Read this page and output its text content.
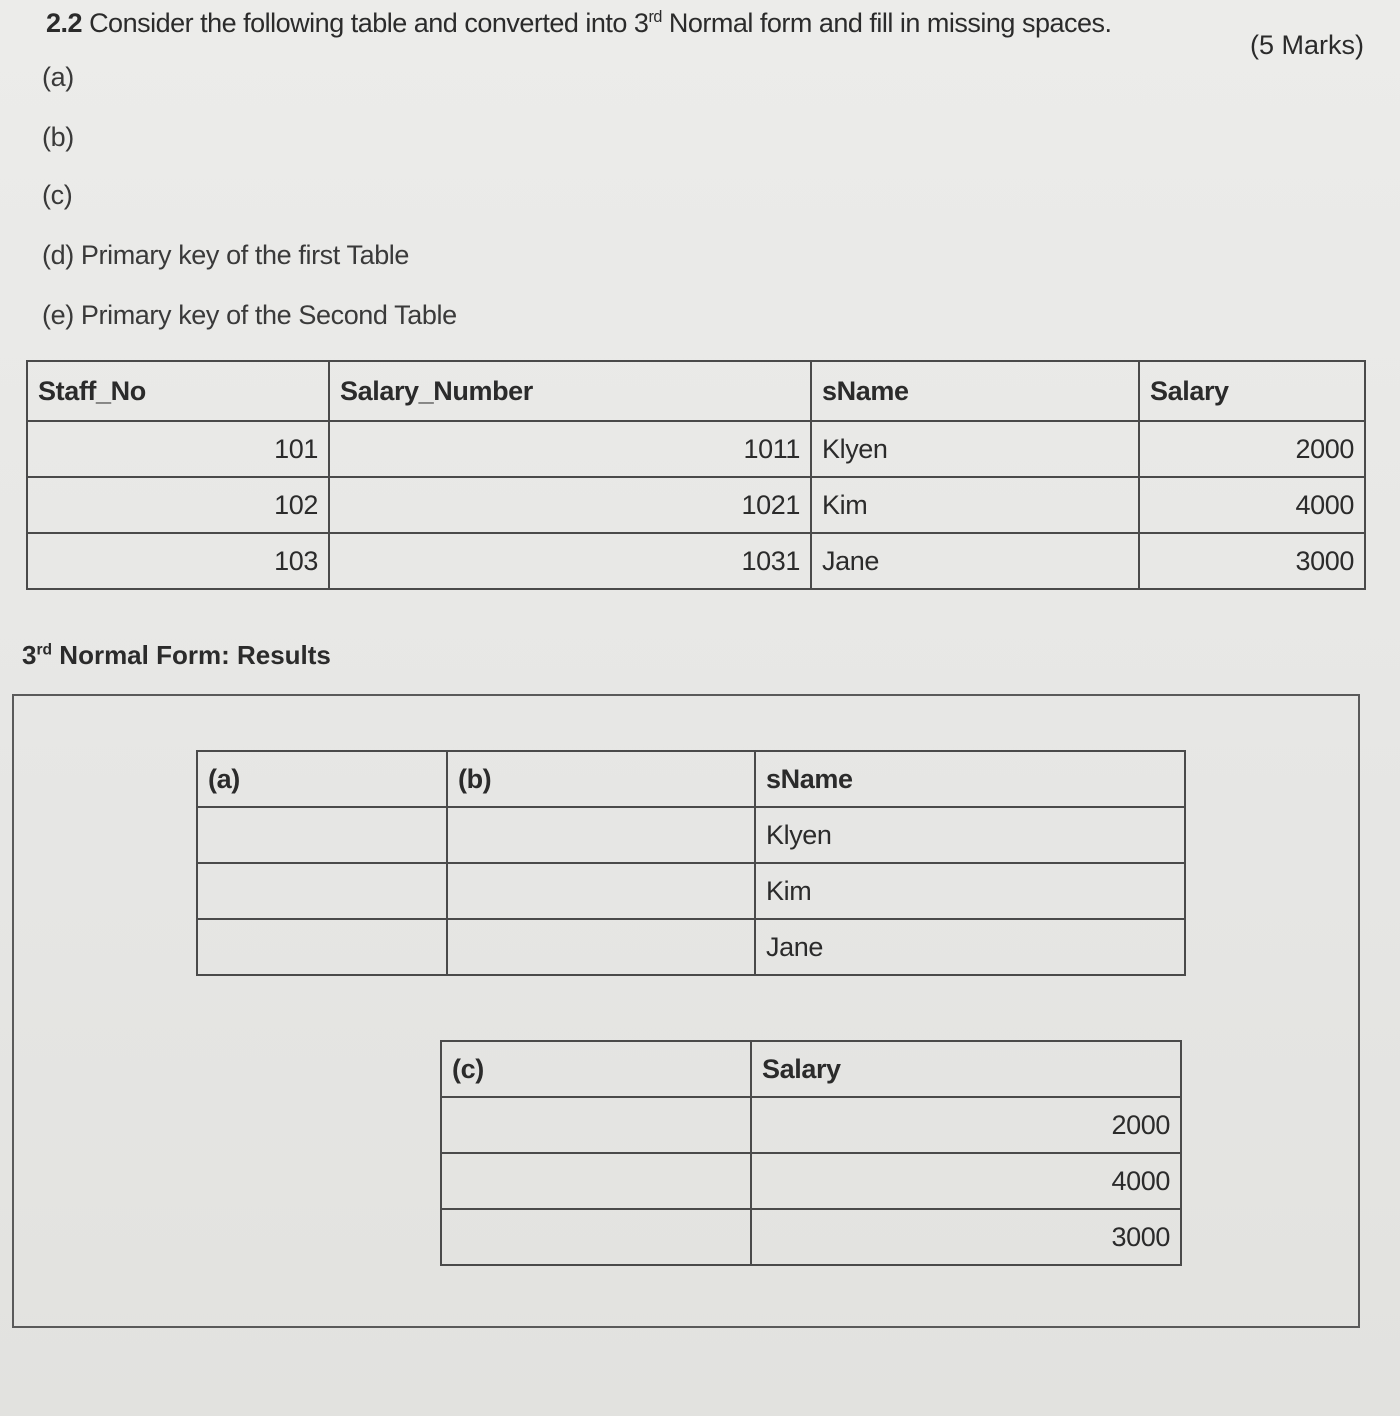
2.2 Consider the following table and converted into 3rd Normal form and fill in missing spaces.
(5 Marks)
(a)
(b)
(c)
(d) Primary key of the first Table
(e) Primary key of the Second Table
Staff_No	Salary_Number	sName	Salary
101	1011	Klyen	2000
102	1021	Kim	4000
103	1031	Jane	3000
3rd Normal Form: Results
(a)	(b)	sName
		Klyen
		Kim
		Jane
(c)	Salary
	2000
	4000
	3000
